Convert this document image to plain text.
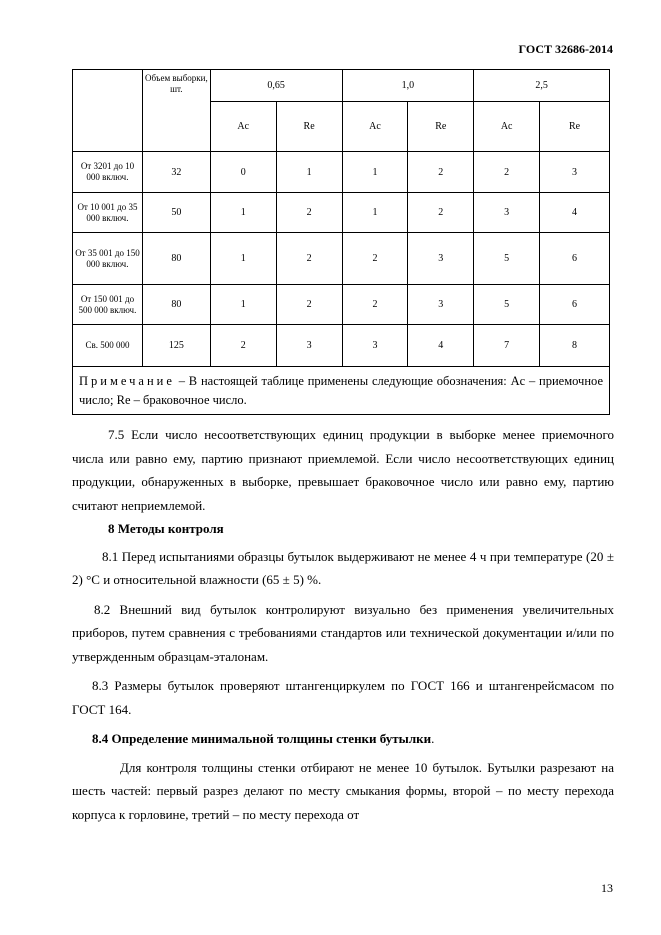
ГОСТ 32686-2014
	Объем выборки, шт.	0,65		1,0		2,5	
		Ac	Re	Ac	Re	Ac	Re
От 3201 до 10 000 включ.	32	0	1	1	2	2	3
От 10 001 до 35 000 включ.	50	1	2	1	2	3	4
От 35 001 до 150 000 включ.	80	1	2	2	3	5	6
От 150 001 до 500 000 включ.	80	1	2	2	3	5	6
Св. 500 000	125	2	3	3	4	7	8
Примечание – В настоящей таблице применены следующие обозначения: Ac – приемочное число; Re – браковочное число.							

7.5 Если число несоответствующих единиц продукции в выборке менее приемочного числа или равно ему, партию признают приемлемой. Если число несоответствующих единиц продукции, обнаруженных в выборке, превышает браковочное число или равно ему, партию считают неприемлемой.

8 Методы контроля

8.1 Перед испытаниями образцы бутылок выдерживают не менее 4 ч при температуре (20 ± 2) °С и относительной влажности (65 ± 5) %.

8.2 Внешний вид бутылок контролируют визуально без применения увеличительных приборов, путем сравнения с требованиями стандартов или технической документации и/или по утвержденным образцам-эталонам.

8.3 Размеры бутылок проверяют штангенциркулем по ГОСТ 166 и штангенрейсмасом по ГОСТ 164.

8.4 Определение минимальной толщины стенки бутылки.

Для контроля толщины стенки отбирают не менее 10 бутылок. Бутылки разрезают на шесть частей: первый разрез делают по месту смыкания формы, второй – по месту перехода корпуса к горловине, третий – по месту перехода от

13
